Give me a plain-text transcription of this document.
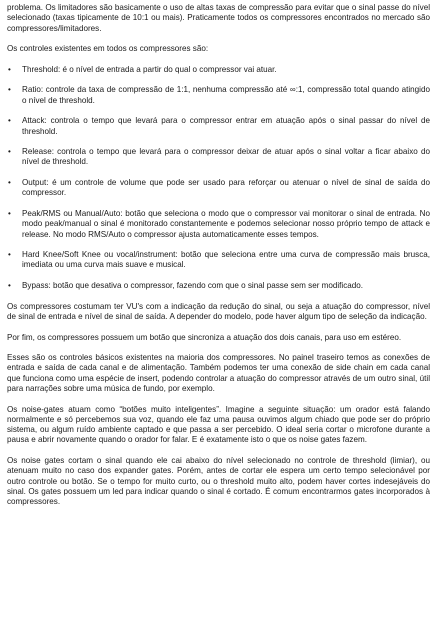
problema. Os limitadores são basicamente o uso de altas taxas de compressão para evitar que o sinal passe do nível selecionado (taxas tipicamente de 10:1 ou mais). Praticamente todos os compressores encontrados no mercado são compressores/limitadores.

Os controles existentes em todos os compressores são:

• Threshold: é o nível de entrada a partir do qual o compressor vai atuar.
• Ratio: controle da taxa de compressão de 1:1, nenhuma compressão até ∞:1, compressão total quando atingido o nível de threshold.
• Attack: controla o tempo que levará para o compressor entrar em atuação após o sinal passar do nível de threshold.
• Release: controla o tempo que levará para o compressor deixar de atuar após o sinal voltar a ficar abaixo do nível de threshold.
• Output: é um controle de volume que pode ser usado para reforçar ou atenuar o nível de sinal de saída do compressor.
• Peak/RMS ou Manual/Auto: botão que seleciona o modo que o compressor vai monitorar o sinal de entrada. No modo peak/manual o sinal é monitorado constantemente e podemos selecionar nosso próprio tempo de attack e release. No modo RMS/Auto o compressor ajusta automaticamente esses tempos.
• Hard Knee/Soft Knee ou vocal/instrument: botão que seleciona entre uma curva de compressão mais brusca, imediata ou uma curva mais suave e musical.
• Bypass: botão que desativa o compressor, fazendo com que o sinal passe sem ser modificado.

Os compressores costumam ter VU's com a indicação da redução do sinal, ou seja a atuação do compressor, nível de sinal de entrada e nível de sinal de saída. A depender do modelo, pode haver algum tipo de seleção da indicação.

Por fim, os compressores possuem um botão que sincroniza a atuação dos dois canais, para uso em estéreo.

Esses são os controles básicos existentes na maioria dos compressores. No painel traseiro temos as conexões de entrada e saída de cada canal e de alimentação. Também podemos ter uma conexão de side chain em cada canal que funciona como uma espécie de insert, podendo controlar a atuação do compressor através de um outro sinal, útil para narrações sobre uma música de fundo, por exemplo.

Os noise-gates atuam como “botões muito inteligentes”. Imagine a seguinte situação: um orador está falando normalmente e só percebemos sua voz, quando ele faz uma pausa ouvimos algum chiado que pode ser do próprio sistema, ou algum ruído ambiente captado e que passa a ser percebido. O ideal seria cortar o microfone durante a pausa e abrir novamente quando o orador for falar. E é exatamente isto o que os noise gates fazem.

Os noise gates cortam o sinal quando ele cai abaixo do nível selecionado no controle de threshold (limiar), ou atenuam muito no caso dos expander gates. Porém, antes de cortar ele espera um certo tempo selecionável por outro controle ou botão. Se o tempo for muito curto, ou o threshold muito alto, podem haver cortes indesejáveis do sinal. Os gates possuem um led para indicar quando o sinal é cortado. É comum encontrarmos gates incorporados à compressores.
